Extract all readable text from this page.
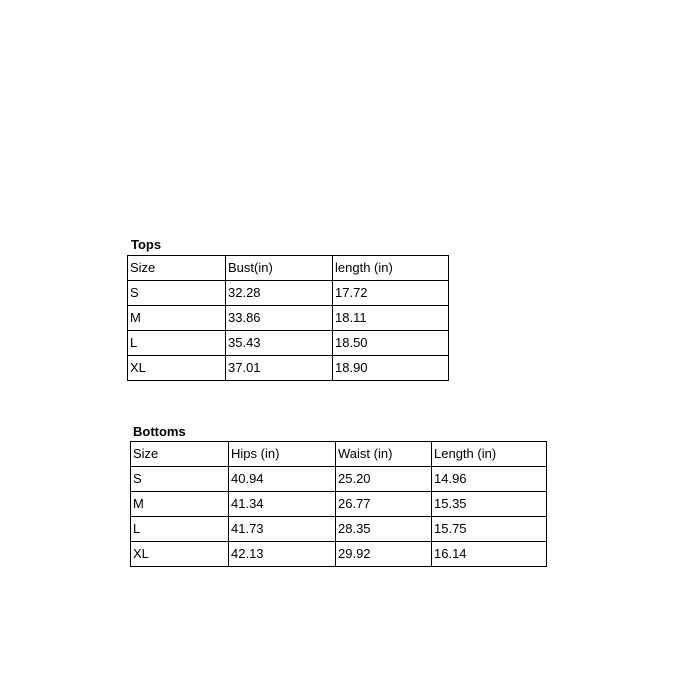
Tops
Size	Bust(in)	length (in)
S	32.28	17.72
M	33.86	18.11
L	35.43	18.50
XL	37.01	18.90
Bottoms
Size	Hips (in)	Waist (in)	Length (in)
S	40.94	25.20	14.96
M	41.34	26.77	15.35
L	41.73	28.35	15.75
XL	42.13	29.92	16.14
